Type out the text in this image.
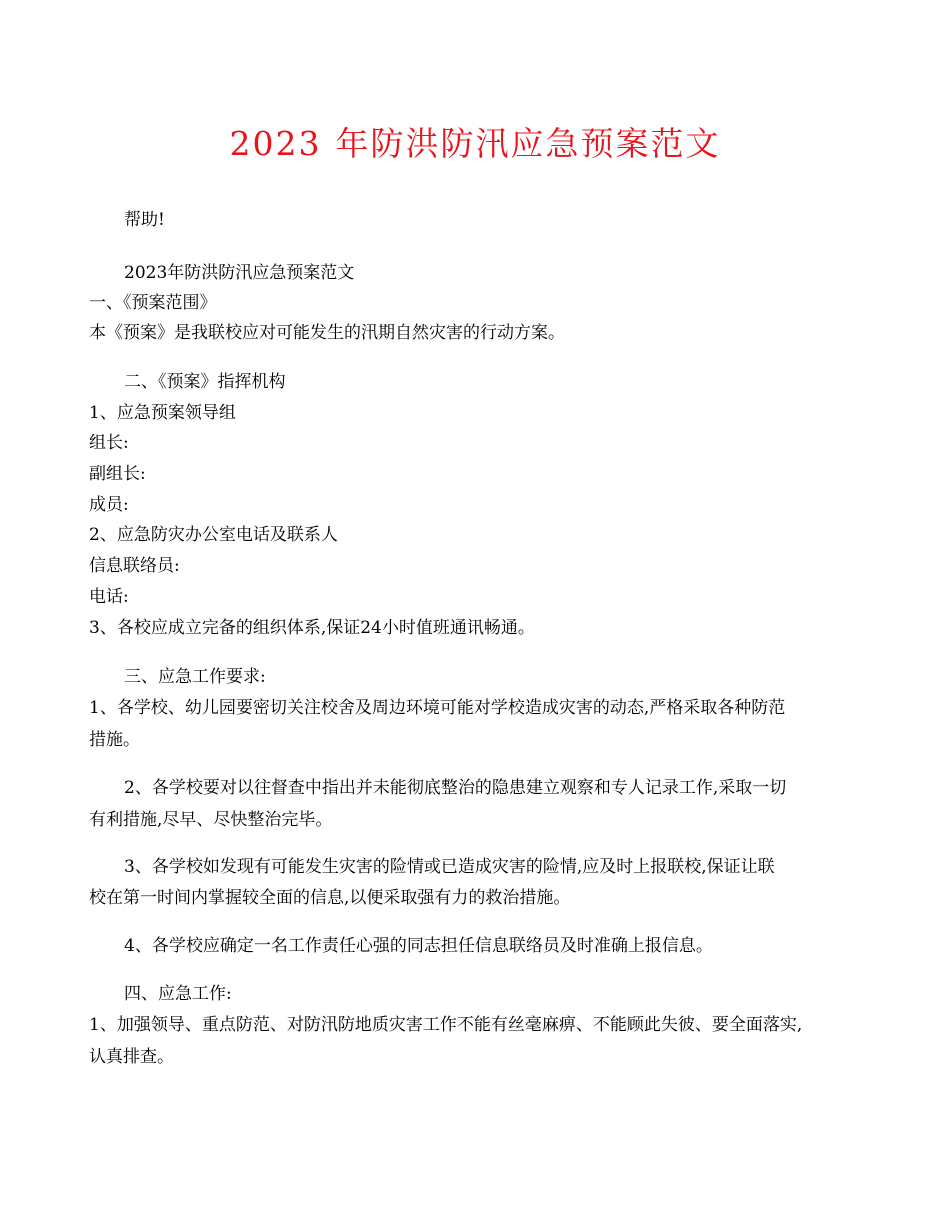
2023 年防洪防汛应急预案范文
帮助!
2023年防洪防汛应急预案范文
一、《预案范围》
本《预案》是我联校应对可能发生的汛期自然灾害的行动方案。
二、《预案》指挥机构
1、应急预案领导组
组长:
副组长:
成员:
2、应急防灾办公室电话及联系人
信息联络员:
电话:
3、各校应成立完备的组织体系,保证24小时值班通讯畅通。
三、应急工作要求:
1、各学校、幼儿园要密切关注校舍及周边环境可能对学校造成灾害的动态,严格采取各种防范
措施。
2、各学校要对以往督查中指出并未能彻底整治的隐患建立观察和专人记录工作,采取一切
有利措施,尽早、尽快整治完毕。
3、各学校如发现有可能发生灾害的险情或已造成灾害的险情,应及时上报联校,保证让联
校在第一时间内掌握较全面的信息,以便采取强有力的救治措施。
4、各学校应确定一名工作责任心强的同志担任信息联络员及时准确上报信息。
四、应急工作:
1、加强领导、重点防范、对防汛防地质灾害工作不能有丝毫麻痹、不能顾此失彼、要全面落实,
认真排查。
